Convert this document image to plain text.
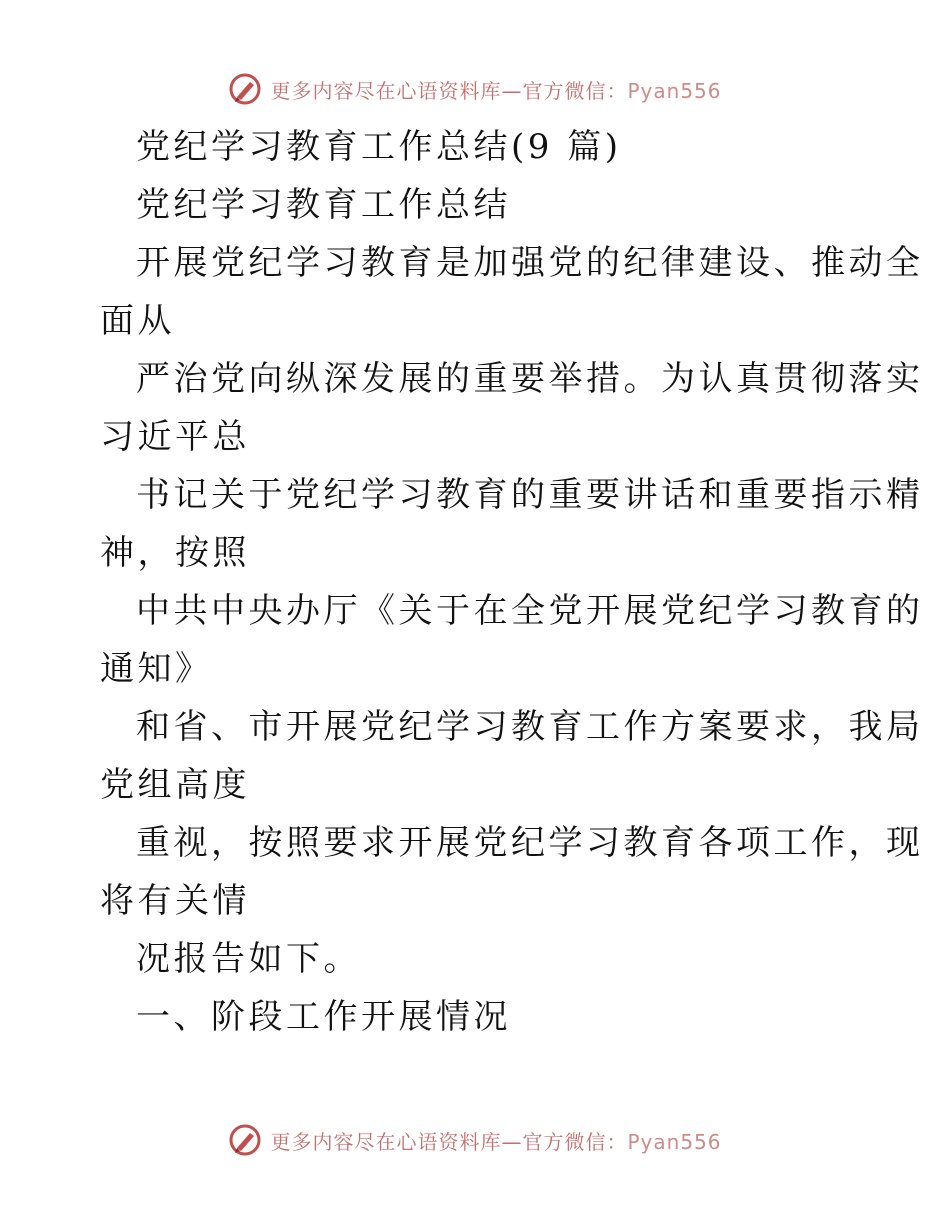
更多内容尽在心语资料库—官方微信：Pyan556
党纪学习教育工作总结(9 篇)
党纪学习教育工作总结
开展党纪学习教育是加强党的纪律建设、推动全
面从
严治党向纵深发展的重要举措。为认真贯彻落实
习近平总
书记关于党纪学习教育的重要讲话和重要指示精
神，按照
中共中央办厅《关于在全党开展党纪学习教育的
通知》
和省、市开展党纪学习教育工作方案要求，我局
党组高度
重视，按照要求开展党纪学习教育各项工作，现
将有关情
况报告如下。
一、阶段工作开展情况
更多内容尽在心语资料库—官方微信：Pyan556
